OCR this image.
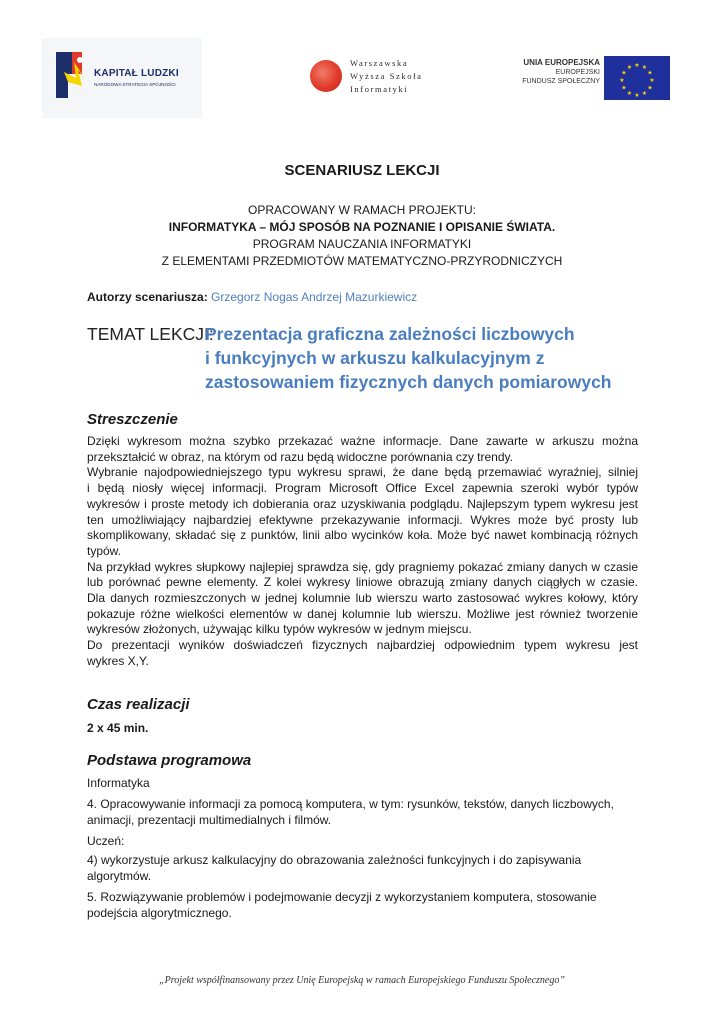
KAPITAŁ LUDZKI
NARODOWA STRATEGIA SPÓJNOŚCI
Warszawska
Wyższa Szkoła
Informatyki
UNIA EUROPEJSKA
EUROPEJSKI
FUNDUSZ SPOŁECZNY
★ ★
★
★
★
★
★
★
★
★
★
★
SCENARIUSZ LEKCJI
OPRACOWANY W RAMACH PROJEKTU:
INFORMATYKA – MÓJ SPOSÓB NA POZNANIE I OPISANIE ŚWIATA.
PROGRAM NAUCZANIA INFORMATYKI
Z ELEMENTAMI PRZEDMIOTÓW MATEMATYCZNO-PRZYRODNICZYCH
Autorzy scenariusza: Grzegorz Nogas Andrzej Mazurkiewicz
TEMAT LEKCJI:
Prezentacja graficzna zależności liczbowych
i funkcyjnych w arkuszu kalkulacyjnym z
zastosowaniem fizycznych danych pomiarowych
Streszczenie
Dzięki wykresom można szybko przekazać ważne informacje. Dane zawarte w arkuszu można
przekształcić w obraz, na którym od razu będą widoczne porównania czy trendy.
Wybranie najodpowiedniejszego typu wykresu sprawi, że dane będą przemawiać wyraźniej, silniej
i będą niosły więcej informacji. Program Microsoft Office Excel zapewnia szeroki wybór typów
wykresów i proste metody ich dobierania oraz uzyskiwania podglądu. Najlepszym typem wykresu jest
ten umożliwiający najbardziej efektywne przekazywanie informacji. Wykres może być prosty lub
skomplikowany, składać się z punktów, linii albo wycinków koła. Może być nawet kombinacją różnych
typów.
Na przykład wykres słupkowy najlepiej sprawdza się, gdy pragniemy pokazać zmiany danych w czasie
lub porównać pewne elementy. Z kolei wykresy liniowe obrazują zmiany danych ciągłych w czasie.
Dla danych rozmieszczonych w jednej kolumnie lub wierszu warto zastosować wykres kołowy, który
pokazuje różne wielkości elementów w danej kolumnie lub wierszu. Możliwe jest również tworzenie
wykresów złożonych, używając kilku typów wykresów w jednym miejscu.
Do prezentacji wyników doświadczeń fizycznych najbardziej odpowiednim typem wykresu jest
wykres X,Y.
Czas realizacji
2 x 45 min.
Podstawa programowa
Informatyka
4. Opracowywanie informacji za pomocą komputera, w tym: rysunków, tekstów, danych liczbowych,
animacji, prezentacji multimedialnych i filmów.
Uczeń:
4) wykorzystuje arkusz kalkulacyjny do obrazowania zależności funkcyjnych i do zapisywania
algorytmów.
5. Rozwiązywanie problemów i podejmowanie decyzji z wykorzystaniem komputera, stosowanie
podejścia algorytmicznego.
„Projekt współfinansowany przez Unię Europejską w ramach Europejskiego Funduszu Społecznego”
